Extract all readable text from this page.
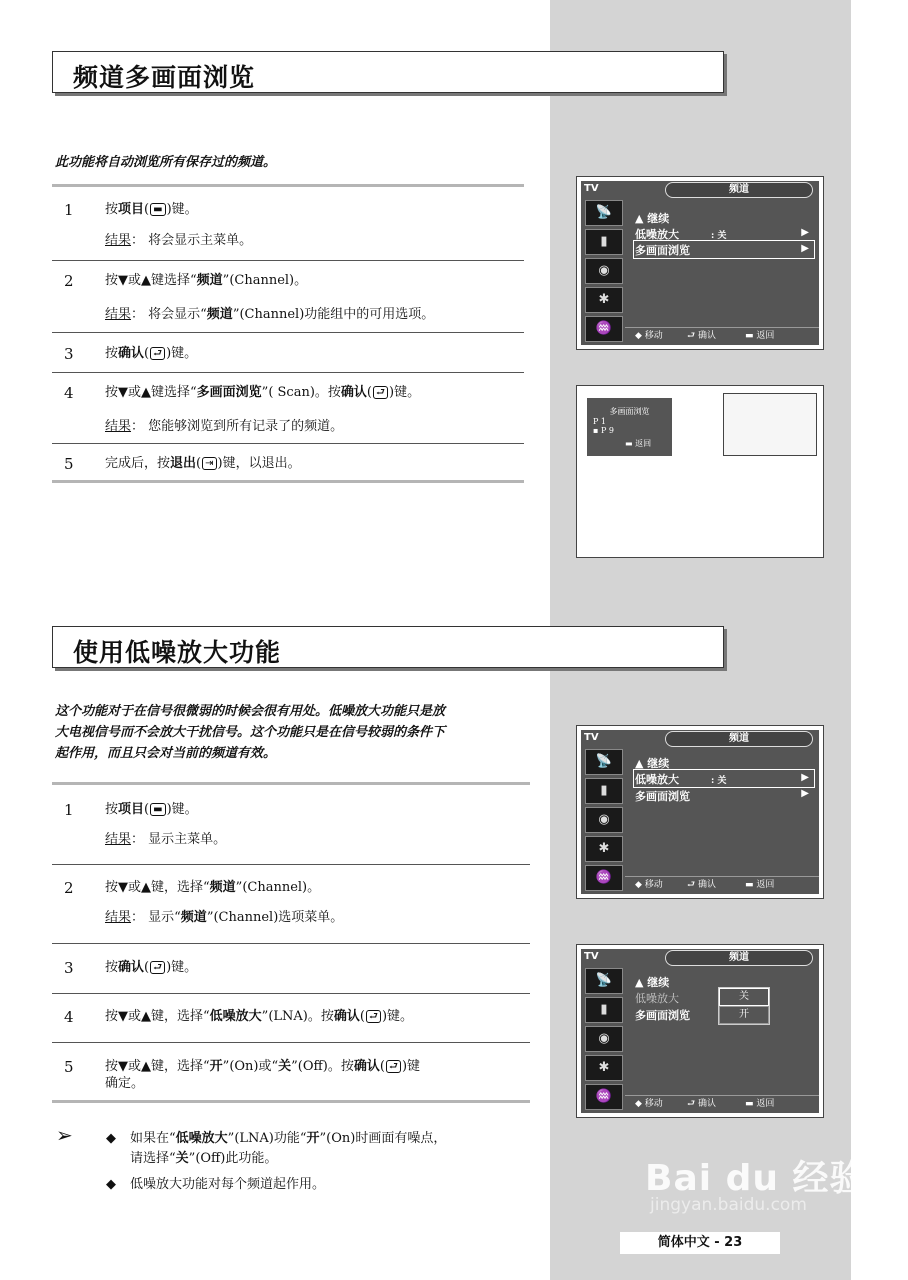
频道多画面浏览
此功能将自动浏览所有保存过的频道。
1 按项目( ▬ )键。
结果： 将会显示主菜单。
2 按▼或▲键选择“频道”(Channel)。
结果： 将会显示“频道”(Channel)功能组中的可用选项。
3 按确认( ⮐ )键。
4 按▼或▲键选择“多画面浏览”( Scan)。按确认( ⮐ )键。
结果： 您能够浏览到所有记录了的频道。
5 完成后，按退出( ⇥ )键，以退出。
TV	频道
📡
▮
◉
✱
♒
▲ 继续
低噪放大	: 关	▶
多画面浏览	▶
◆ 移动	⮐ 确认	▬ 返回
多画面浏览
P 1
▪ P 9
▬ 返回
使用低噪放大功能
这个功能对于在信号很微弱的时候会很有用处。低噪放大功能只是放
大电视信号而不会放大干扰信号。这个功能只是在信号较弱的条件下
起作用，而且只会对当前的频道有效。
1 按项目( ▬ )键。
结果： 显示主菜单。
2 按▼或▲键，选择“频道”(Channel)。
结果： 显示“频道”(Channel)选项菜单。
3 按确认( ⮐ )键。
4 按▼或▲键，选择“低噪放大”(LNA)。按确认( ⮐ )键。
5 按▼或▲键，选择“开”(On)或“关”(Off)。按确认( ⮐ )键
确定。
➢	◆ 如果在“低噪放大”(LNA)功能“开”(On)时画面有噪点，
请选择“关”(Off)此功能。
◆ 低噪放大功能对每个频道起作用。
TV	频道
📡
▮
◉
✱
♒
▲ 继续
低噪放大	: 关	▶
多画面浏览	▶
◆ 移动	⮐ 确认	▬ 返回
TV	频道
📡
▮
◉
✱
♒
▲ 继续
低噪放大
多画面浏览
关
开
◆ 移动	⮐ 确认	▬ 返回
Bai du 经验
jingyan.baidu.com
简体中文 - 23
